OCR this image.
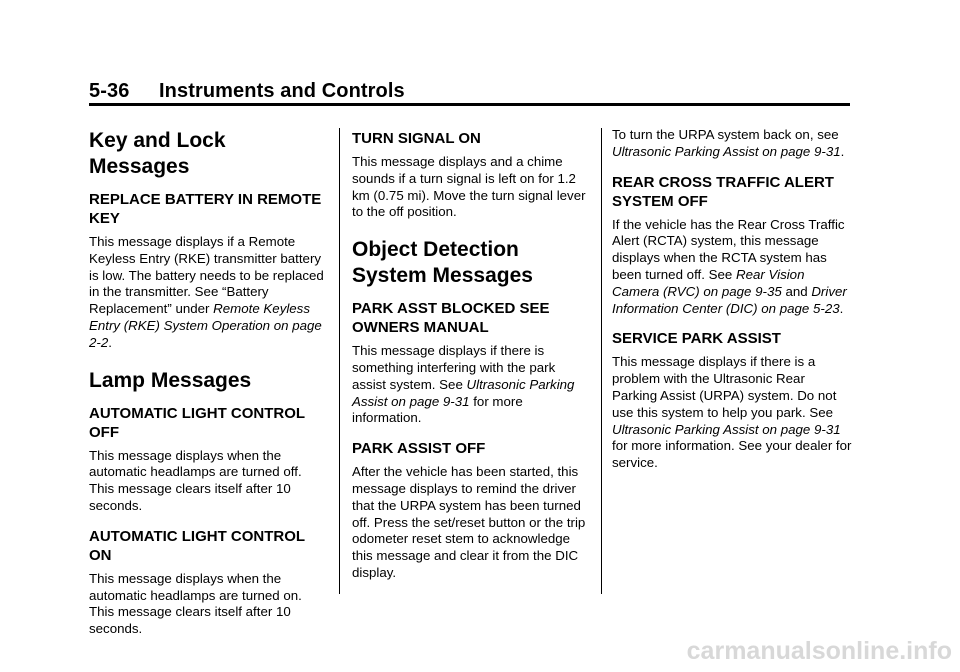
5-36 Instruments and Controls
Key and Lock Messages
REPLACE BATTERY IN REMOTE KEY

This message displays if a Remote Keyless Entry (RKE) transmitter battery is low. The battery needs to be replaced in the transmitter. See “Battery Replacement” under Remote Keyless Entry (RKE) System Operation on page 2-2.

Lamp Messages
AUTOMATIC LIGHT CONTROL OFF

This message displays when the automatic headlamps are turned off. This message clears itself after 10 seconds.

AUTOMATIC LIGHT CONTROL ON

This message displays when the automatic headlamps are turned on. This message clears itself after 10 seconds.

TURN SIGNAL ON

This message displays and a chime sounds if a turn signal is left on for 1.2 km (0.75 mi). Move the turn signal lever to the off position.

Object Detection System Messages
PARK ASST BLOCKED SEE OWNERS MANUAL

This message displays if there is something interfering with the park assist system. See Ultrasonic Parking Assist on page 9-31 for more information.

PARK ASSIST OFF

After the vehicle has been started, this message displays to remind the driver that the URPA system has been turned off. Press the set/reset button or the trip odometer reset stem to acknowledge this message and clear it from the DIC display.

To turn the URPA system back on, see Ultrasonic Parking Assist on page 9-31.

REAR CROSS TRAFFIC ALERT SYSTEM OFF

If the vehicle has the Rear Cross Traffic Alert (RCTA) system, this message displays when the RCTA system has been turned off. See Rear Vision Camera (RVC) on page 9-35 and Driver Information Center (DIC) on page 5-23.

SERVICE PARK ASSIST

This message displays if there is a problem with the Ultrasonic Rear Parking Assist (URPA) system. Do not use this system to help you park. See Ultrasonic Parking Assist on page 9-31 for more information. See your dealer for service.

carmanualsonline.info
